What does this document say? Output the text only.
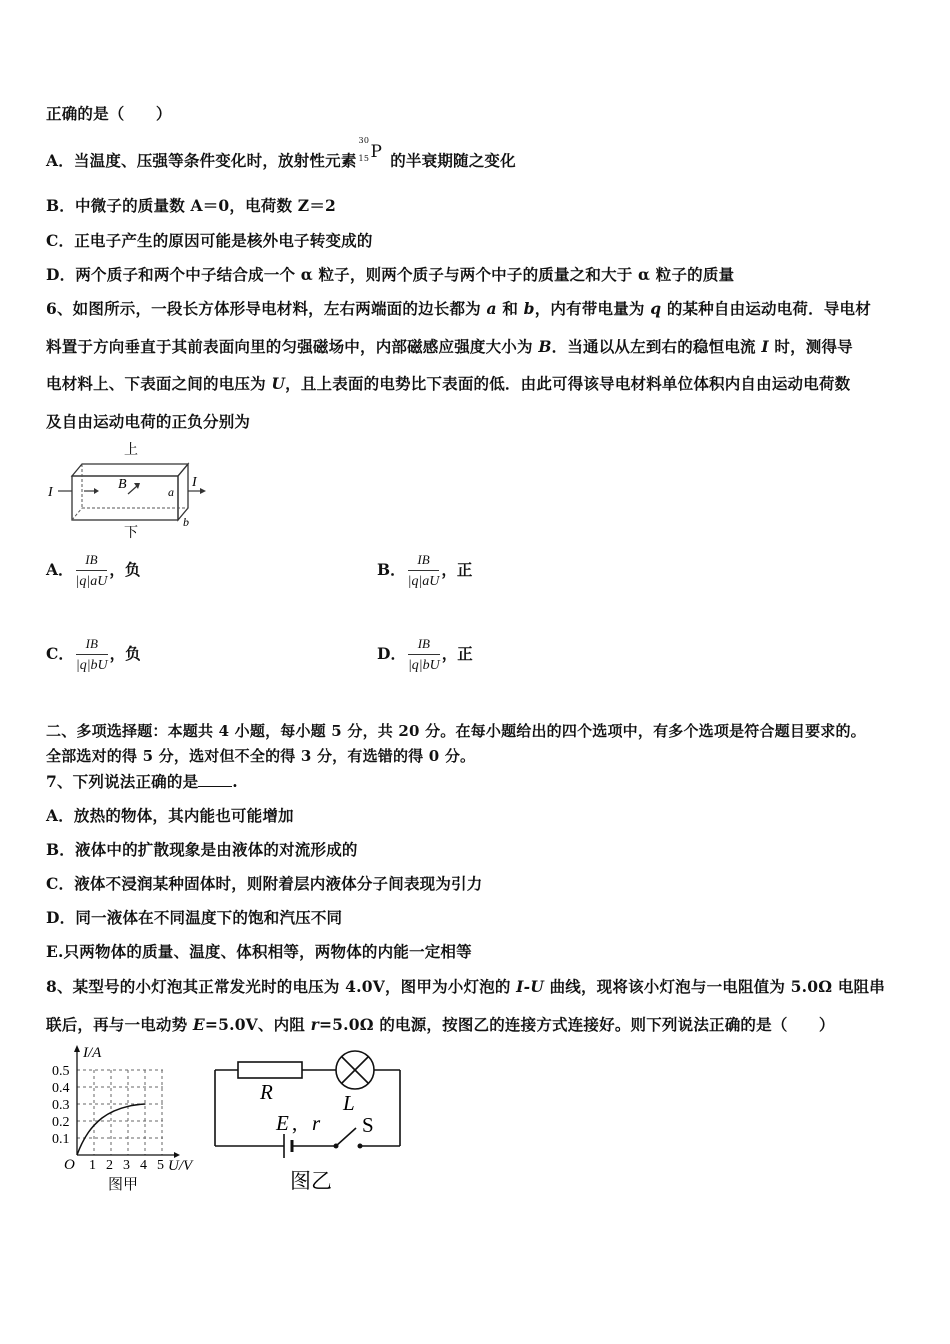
正确的是（　　）
A．当温度、压强等条件变化时，放射性元素
30
15 P
　 的半衰期随之变化
B．中微子的质量数 A＝0，电荷数 Z＝2
C．正电子产生的原因可能是核外电子转变成的
D．两个质子和两个中子结合成一个 α 粒子，则两个质子与两个中子的质量之和大于 α 粒子的质量
6、如图所示，一段长方体形导电材料，左右两端面的边长都为 a 和 b，内有带电量为 q 的某种自由运动电荷．导电材
料置于方向垂直于其前表面向里的匀强磁场中，内部磁感应强度大小为 B．当通以从左到右的稳恒电流 I 时，测得导
电材料上、下表面之间的电压为 U，且上表面的电势比下表面的低．由此可得该导电材料单位体积内自由运动电荷数
及自由运动电荷的正负分别为
上
I
B	a
I
b
下
A． $\frac{IB}{|q|aU}$ ，负	B． $\frac{IB}{|q|aU}$ ，正
C． $\frac{IB}{|q|bU}$ ，负	D． $\frac{IB}{|q|bU}$ ，正
二、多项选择题：本题共 4 小题，每小题 5 分，共 20 分。在每小题给出的四个选项中，有多个选项是符合题目要求的。
全部选对的得 5 分，选对但不全的得 3 分，有选错的得 0 分。
7、下列说法正确的是 .
A．放热的物体，其内能也可能增加
B．液体中的扩散现象是由液体的对流形成的
C．液体不浸润某种固体时，则附着层内液体分子间表现为引力
D．同一液体在不同温度下的饱和汽压不同
E.只两物体的质量、温度、体积相等，两物体的内能一定相等
8、某型号的小灯泡其正常发光时的电压为 4.0V，图甲为小灯泡的 I-U 曲线，现将该小灯泡与一电阻值为 5.0Ω 电阻串
联后，再与一电动势 E=5.0V、内阻 r=5.0Ω 的电源，按图乙的连接方式连接好。则下列说法正确的是（　　）
I/A
0.5
0.4
0.3
0.2
0.1
O 1 2 3 4 5 U/V
图甲
R	L
E , r S
图乙
